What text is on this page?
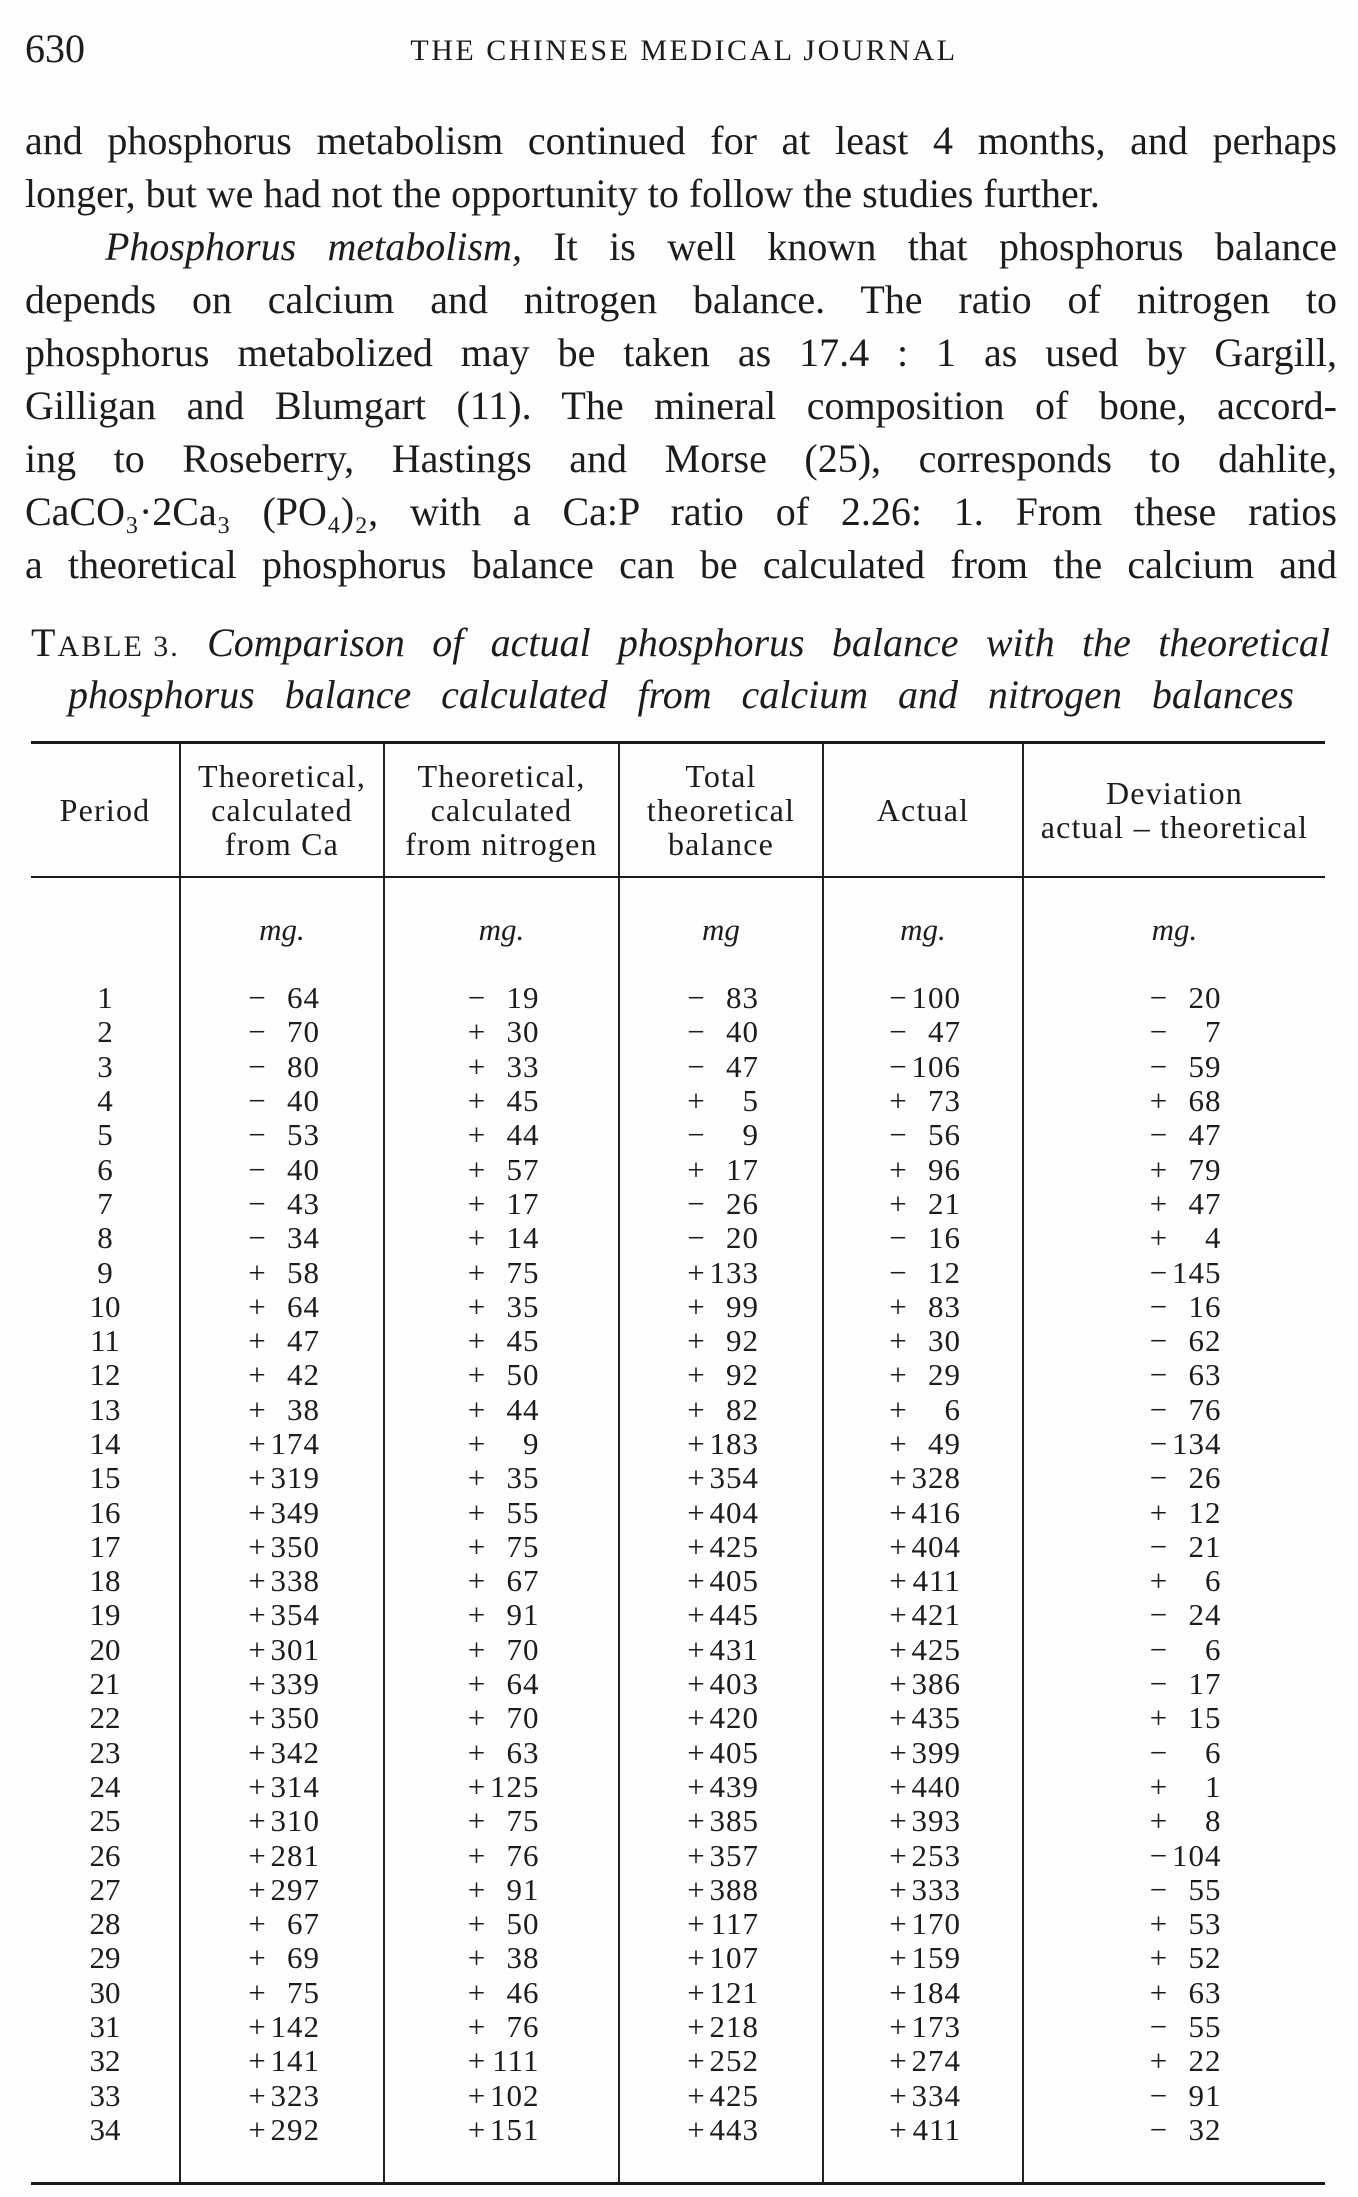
630	THE CHINESE MEDICAL JOURNAL
and phosphorus metabolism continued for at least 4 months, and perhaps
longer, but we had not the opportunity to follow the studies further.
Phosphorus metabolism, It is well known that phosphorus balance
depends on calcium and nitrogen balance. The ratio of nitrogen to
phosphorus metabolized may be taken as 17.4 : 1 as used by Gargill,
Gilligan and Blumgart (11). The mineral composition of bone, accord-
ing to Roseberry, Hastings and Morse (25), corresponds to dahlite,
CaCO₃·2Ca₃ (PO₄)₂, with a Ca:P ratio of 2.26: 1. From these ratios
a theoretical phosphorus balance can be calculated from the calcium and
TABLE 3. Comparison of actual phosphorus balance with the theoretical
phosphorus balance calculated from calcium and nitrogen balances
Period	Theoretical,
calculated
from Ca	Theoretical,
calculated
from nitrogen	Total
theoretical
balance	Actual	Deviation
actual – theoretical
	mg.	mg.	mg	mg.	mg.
1	− 64	− 19	− 83	− 100	− 20
2	− 70	+ 30	− 40	− 47	− 7
3	− 80	+ 33	− 47	− 106	− 59
4	− 40	+ 45	+ 5	+ 73	+ 68
5	− 53	+ 44	− 9	− 56	− 47
6	− 40	+ 57	+ 17	+ 96	+ 79
7	− 43	+ 17	− 26	+ 21	+ 47
8	− 34	+ 14	− 20	− 16	+ 4
9	+ 58	+ 75	+ 133	− 12	− 145
10	+ 64	+ 35	+ 99	+ 83	− 16
11	+ 47	+ 45	+ 92	+ 30	− 62
12	+ 42	+ 50	+ 92	+ 29	− 63
13	+ 38	+ 44	+ 82	+ 6	− 76
14	+ 174	+ 9	+ 183	+ 49	− 134
15	+ 319	+ 35	+ 354	+ 328	− 26
16	+ 349	+ 55	+ 404	+ 416	+ 12
17	+ 350	+ 75	+ 425	+ 404	− 21
18	+ 338	+ 67	+ 405	+ 411	+ 6
19	+ 354	+ 91	+ 445	+ 421	− 24
20	+ 301	+ 70	+ 431	+ 425	− 6
21	+ 339	+ 64	+ 403	+ 386	− 17
22	+ 350	+ 70	+ 420	+ 435	+ 15
23	+ 342	+ 63	+ 405	+ 399	− 6
24	+ 314	+ 125	+ 439	+ 440	+ 1
25	+ 310	+ 75	+ 385	+ 393	+ 8
26	+ 281	+ 76	+ 357	+ 253	− 104
27	+ 297	+ 91	+ 388	+ 333	− 55
28	+ 67	+ 50	+ 117	+ 170	+ 53
29	+ 69	+ 38	+ 107	+ 159	+ 52
30	+ 75	+ 46	+ 121	+ 184	+ 63
31	+ 142	+ 76	+ 218	+ 173	− 55
32	+ 141	+ 111	+ 252	+ 274	+ 22
33	+ 323	+ 102	+ 425	+ 334	− 91
34	+ 292	+ 151	+ 443	+ 411	− 32
